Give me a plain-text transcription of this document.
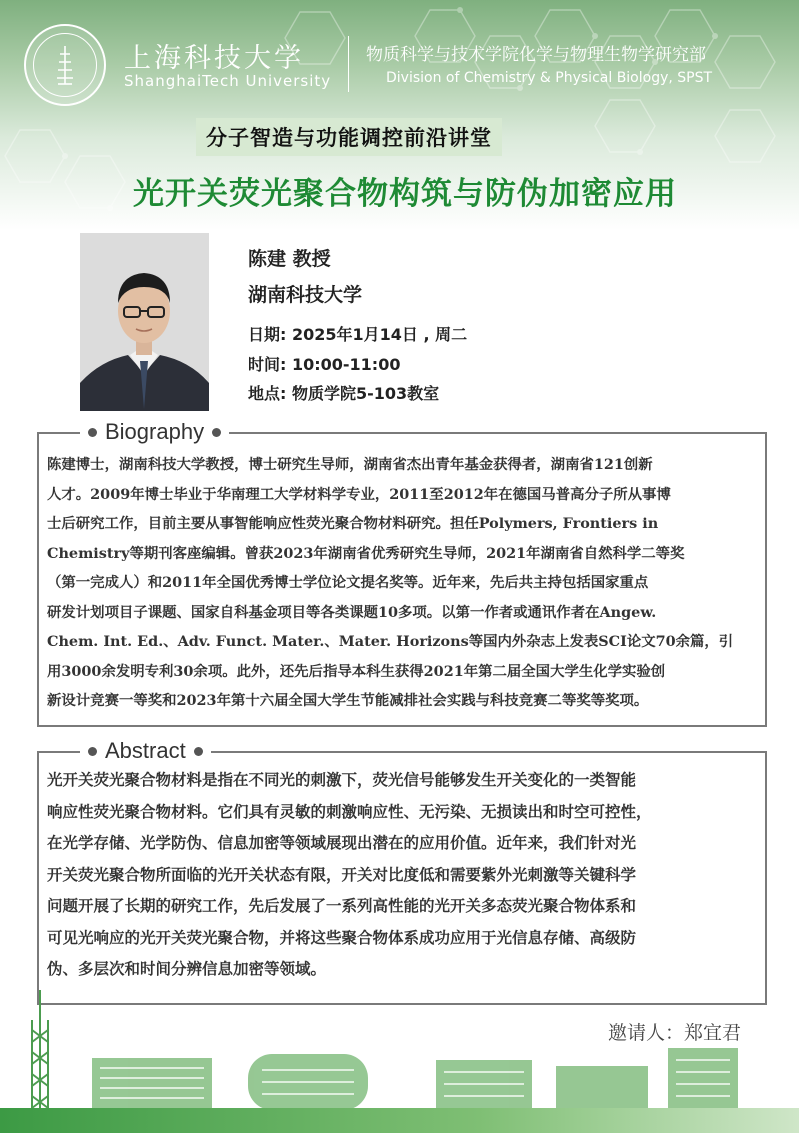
上海科技大学
ShanghaiTech University
物质科学与技术学院化学与物理生物学研究部
Division of Chemistry & Physical Biology, SPST
分子智造与功能调控前沿讲堂
光开关荧光聚合物构筑与防伪加密应用
陈建 教授
湖南科技大学
日期: 2025年1月14日 , 周二
时间: 10:00-11:00
地点: 物质学院5-103教室
Biography
陈建博士，湖南科技大学教授，博士研究生导师，湖南省杰出青年基金获得者，湖南省121创新
人才。2009年博士毕业于华南理工大学材料学专业，2011至2012年在德国马普高分子所从事博
士后研究工作，目前主要从事智能响应性荧光聚合物材料研究。担任Polymers, Frontiers in
Chemistry等期刊客座编辑。曾获2023年湖南省优秀研究生导师，2021年湖南省自然科学二等奖
（第一完成人）和2011年全国优秀博士学位论文提名奖等。近年来，先后共主持包括国家重点
研发计划项目子课题、国家自科基金项目等各类课题10多项。以第一作者或通讯作者在Angew.
Chem. Int. Ed.、Adv. Funct. Mater.、Mater. Horizons等国内外杂志上发表SCI论文70余篇，引
用3000余发明专利30余项。此外，还先后指导本科生获得2021年第二届全国大学生化学实验创
新设计竞赛一等奖和2023年第十六届全国大学生节能减排社会实践与科技竞赛二等奖等奖项。
Abstract
光开关荧光聚合物材料是指在不同光的刺激下，荧光信号能够发生开关变化的一类智能
响应性荧光聚合物材料。它们具有灵敏的刺激响应性、无污染、无损读出和时空可控性，
在光学存储、光学防伪、信息加密等领域展现出潜在的应用价值。近年来，我们针对光
开关荧光聚合物所面临的光开关状态有限，开关对比度低和需要紫外光刺激等关键科学
问题开展了长期的研究工作，先后发展了一系列高性能的光开关多态荧光聚合物体系和
可见光响应的光开关荧光聚合物，并将这些聚合物体系成功应用于光信息存储、高级防
伪、多层次和时间分辨信息加密等领域。
邀请人：郑宜君
